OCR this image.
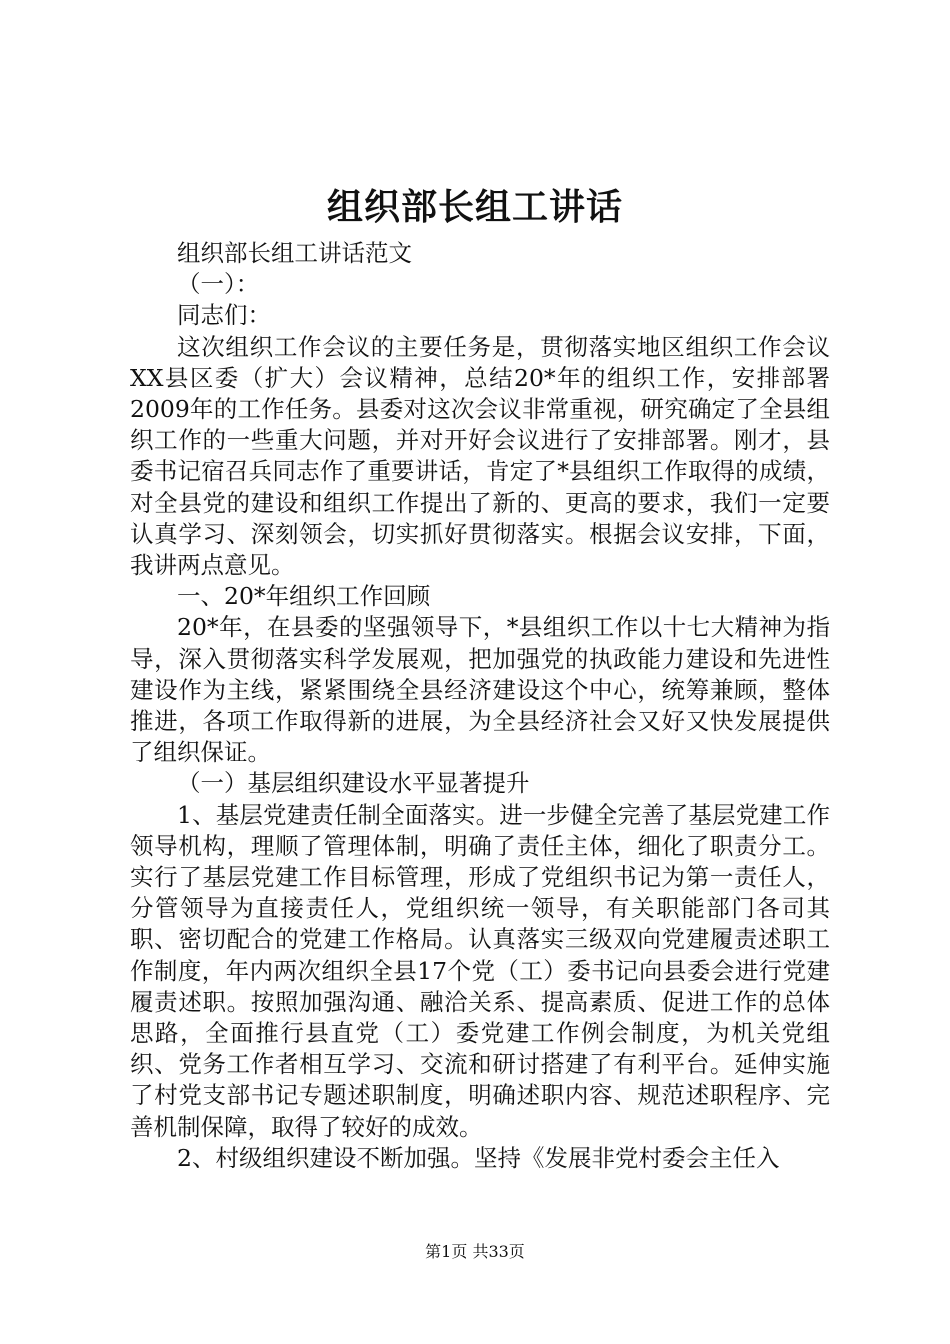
组织部长组工讲话

组织部长组工讲话范文

（一）：

同志们：

这次组织工作会议的主要任务是，贯彻落实地区组织工作会议XX县区委（扩大）会议精神，总结20*年的组织工作，安排部署2009年的工作任务。县委对这次会议非常重视，研究确定了全县组织工作的一些重大问题，并对开好会议进行了安排部署。刚才，县委书记宿召兵同志作了重要讲话，肯定了*县组织工作取得的成绩，对全县党的建设和组织工作提出了新的、更高的要求，我们一定要认真学习、深刻领会，切实抓好贯彻落实。根据会议安排，下面，我讲两点意见。

一、20*年组织工作回顾

20*年，在县委的坚强领导下，*县组织工作以十七大精神为指导，深入贯彻落实科学发展观，把加强党的执政能力建设和先进性建设作为主线，紧紧围绕全县经济建设这个中心，统筹兼顾，整体推进，各项工作取得新的进展，为全县经济社会又好又快发展提供了组织保证。

（一）基层组织建设水平显著提升

1、基层党建责任制全面落实。进一步健全完善了基层党建工作领导机构，理顺了管理体制，明确了责任主体，细化了职责分工。实行了基层党建工作目标管理，形成了党组织书记为第一责任人，分管领导为直接责任人，党组织统一领导，有关职能部门各司其职、密切配合的党建工作格局。认真落实三级双向党建履责述职工作制度，年内两次组织全县17个党（工）委书记向县委会进行党建履责述职。按照加强沟通、融洽关系、提高素质、促进工作的总体思路，全面推行县直党（工）委党建工作例会制度，为机关党组织、党务工作者相互学习、交流和研讨搭建了有利平台。延伸实施了村党支部书记专题述职制度，明确述职内容、规范述职程序、完善机制保障，取得了较好的成效。

2、村级组织建设不断加强。坚持《发展非党村委会主任入

第1页 共33页
